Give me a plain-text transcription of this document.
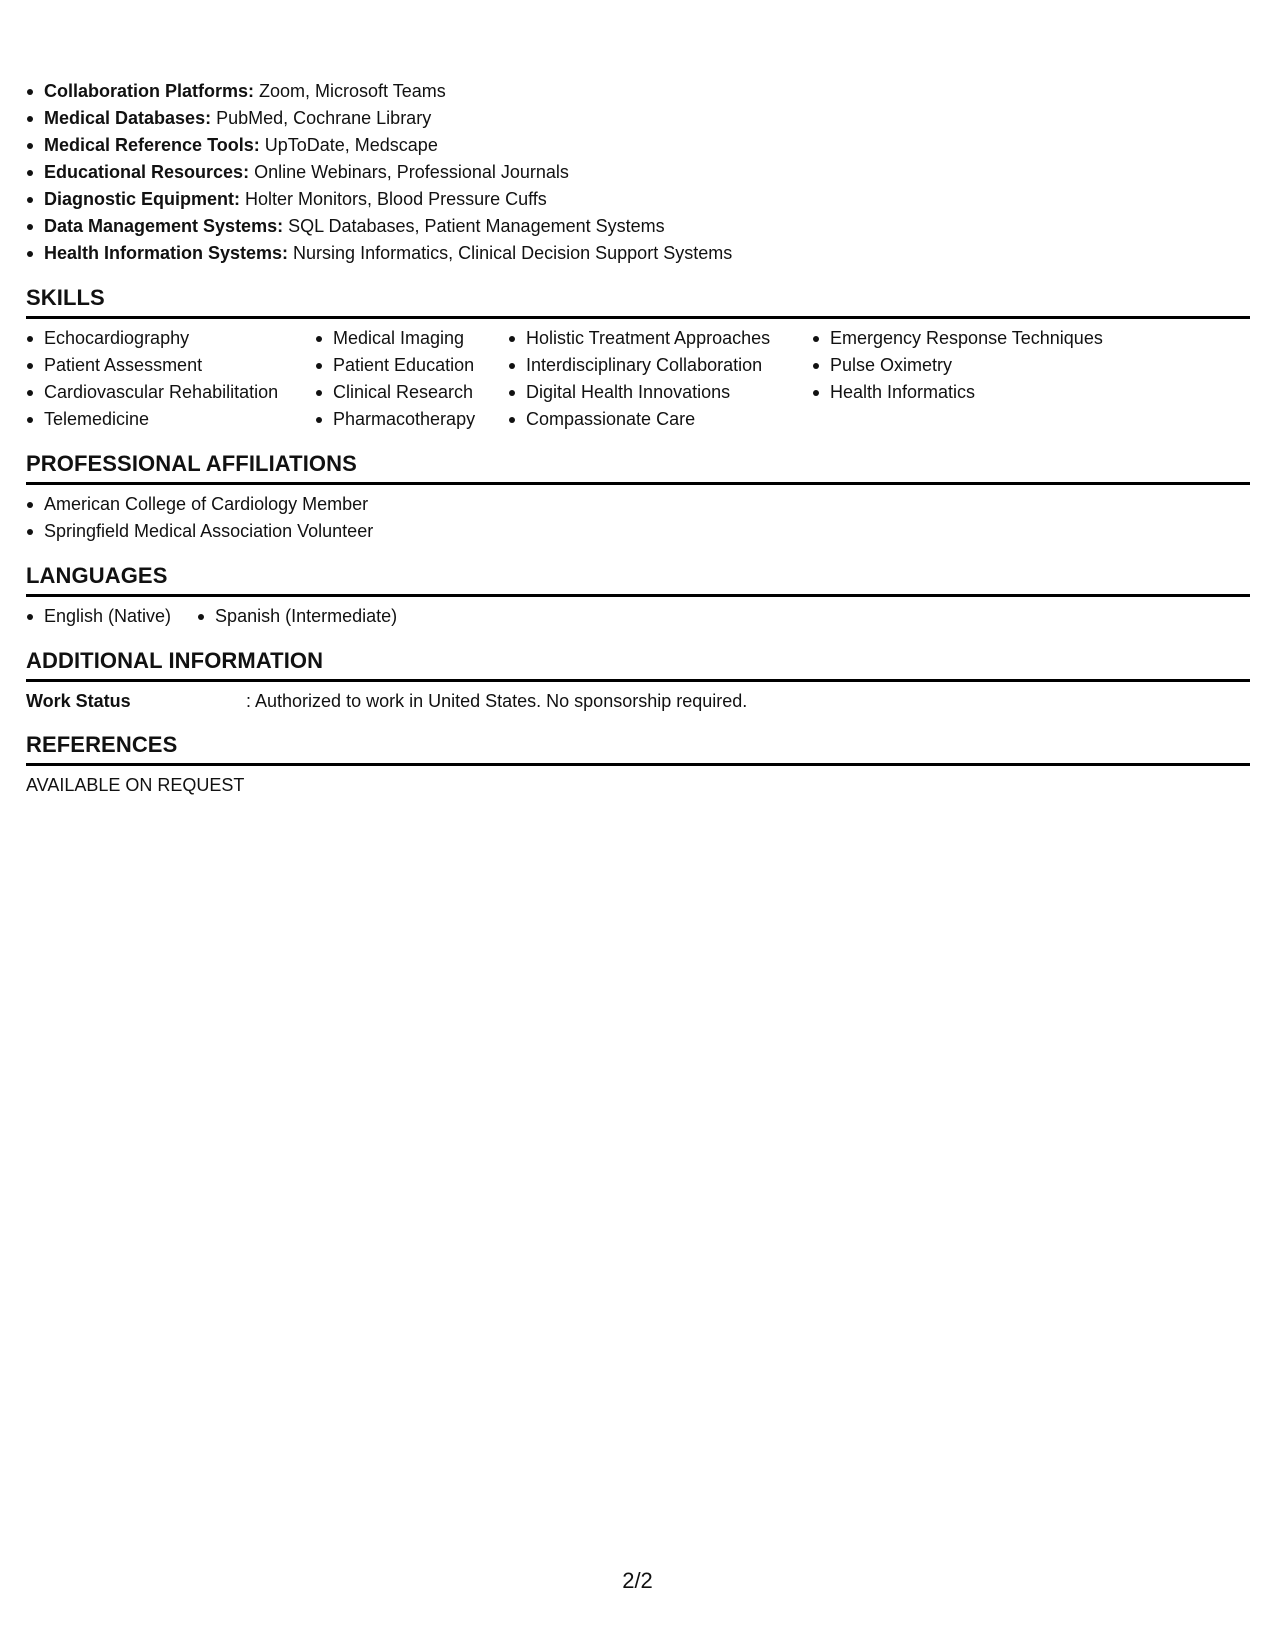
Collaboration Platforms: Zoom, Microsoft Teams
Medical Databases: PubMed, Cochrane Library
Medical Reference Tools: UpToDate, Medscape
Educational Resources: Online Webinars, Professional Journals
Diagnostic Equipment: Holter Monitors, Blood Pressure Cuffs
Data Management Systems: SQL Databases, Patient Management Systems
Health Information Systems: Nursing Informatics, Clinical Decision Support Systems
SKILLS
Echocardiography
Patient Assessment
Cardiovascular Rehabilitation
Telemedicine
Medical Imaging
Patient Education
Clinical Research
Pharmacotherapy
Holistic Treatment Approaches
Interdisciplinary Collaboration
Digital Health Innovations
Compassionate Care
Emergency Response Techniques
Pulse Oximetry
Health Informatics
PROFESSIONAL AFFILIATIONS
American College of Cardiology Member
Springfield Medical Association Volunteer
LANGUAGES
English (Native)	Spanish (Intermediate)
ADDITIONAL INFORMATION
Work Status	: Authorized to work in United States. No sponsorship required.
REFERENCES
AVAILABLE ON REQUEST
2/2
